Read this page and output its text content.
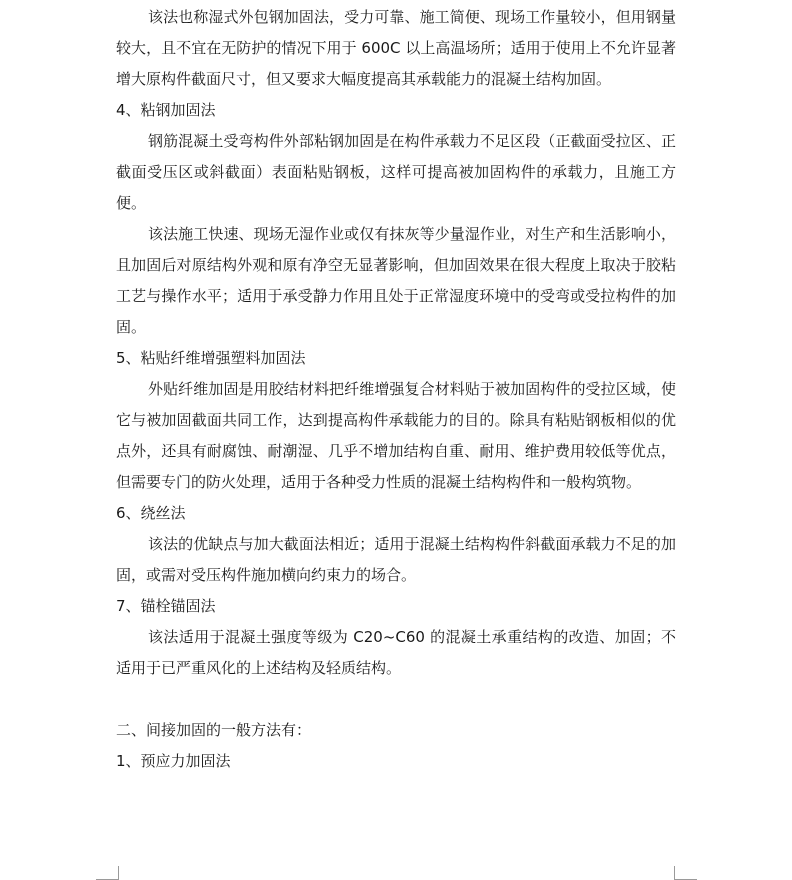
该法也称湿式外包钢加固法，受力可靠、施工简便、现场工作量较小，但用钢量较大，且不宜在无防护的情况下用于 600C 以上高温场所；适用于使用上不允许显著增大原构件截面尺寸，但又要求大幅度提高其承载能力的混凝土结构加固。

4、粘钢加固法

钢筋混凝土受弯构件外部粘钢加固是在构件承载力不足区段（正截面受拉区、正截面受压区或斜截面）表面粘贴钢板，这样可提高被加固构件的承载力，且施工方便。

该法施工快速、现场无湿作业或仅有抹灰等少量湿作业，对生产和生活影响小，且加固后对原结构外观和原有净空无显著影响，但加固效果在很大程度上取决于胶粘工艺与操作水平；适用于承受静力作用且处于正常湿度环境中的受弯或受拉构件的加固。

5、粘贴纤维增强塑料加固法

外贴纤维加固是用胶结材料把纤维增强复合材料贴于被加固构件的受拉区域，使它与被加固截面共同工作，达到提高构件承载能力的目的。除具有粘贴钢板相似的优点外，还具有耐腐蚀、耐潮湿、几乎不增加结构自重、耐用、维护费用较低等优点，但需要专门的防火处理，适用于各种受力性质的混凝土结构构件和一般构筑物。

6、绕丝法

该法的优缺点与加大截面法相近；适用于混凝土结构构件斜截面承载力不足的加固，或需对受压构件施加横向约束力的场合。

7、锚栓锚固法

该法适用于混凝土强度等级为 C20~C60 的混凝土承重结构的改造、加固；不适用于已严重风化的上述结构及轻质结构。

二、间接加固的一般方法有：

1、预应力加固法
